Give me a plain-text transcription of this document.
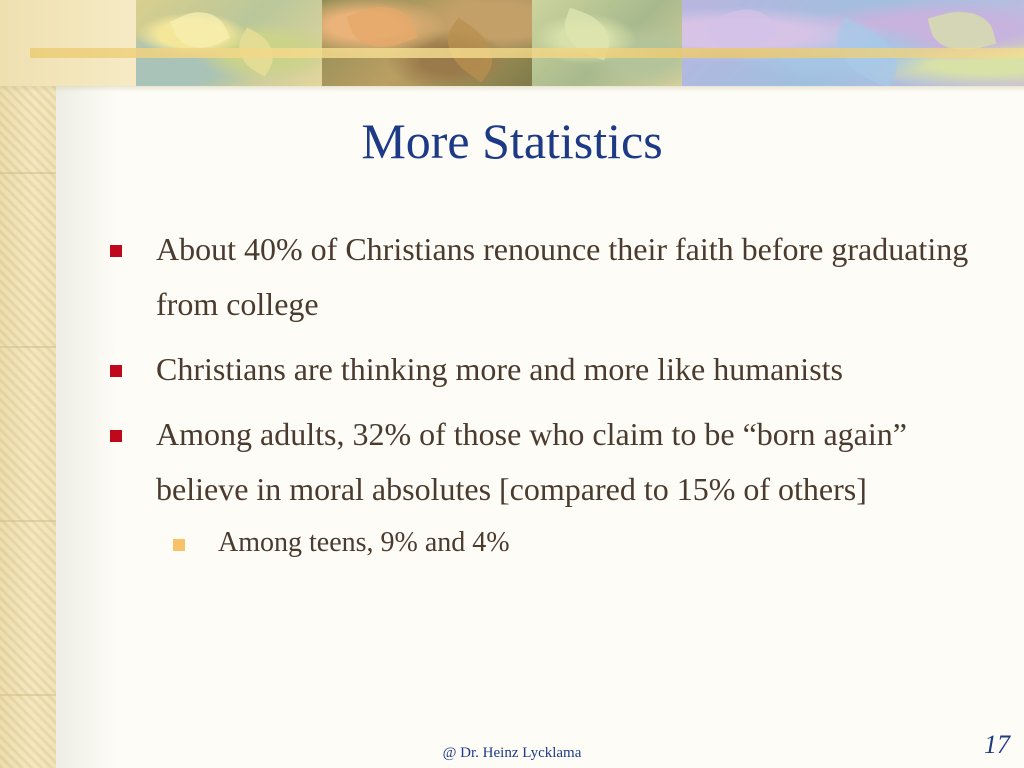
More Statistics
About 40% of Christians renounce their faith before graduating from college
Christians are thinking more and more like humanists
Among adults, 32% of those who claim to be “born again” believe in moral absolutes [compared to 15% of others]
Among teens, 9% and 4%
@ Dr. Heinz Lycklama	17
